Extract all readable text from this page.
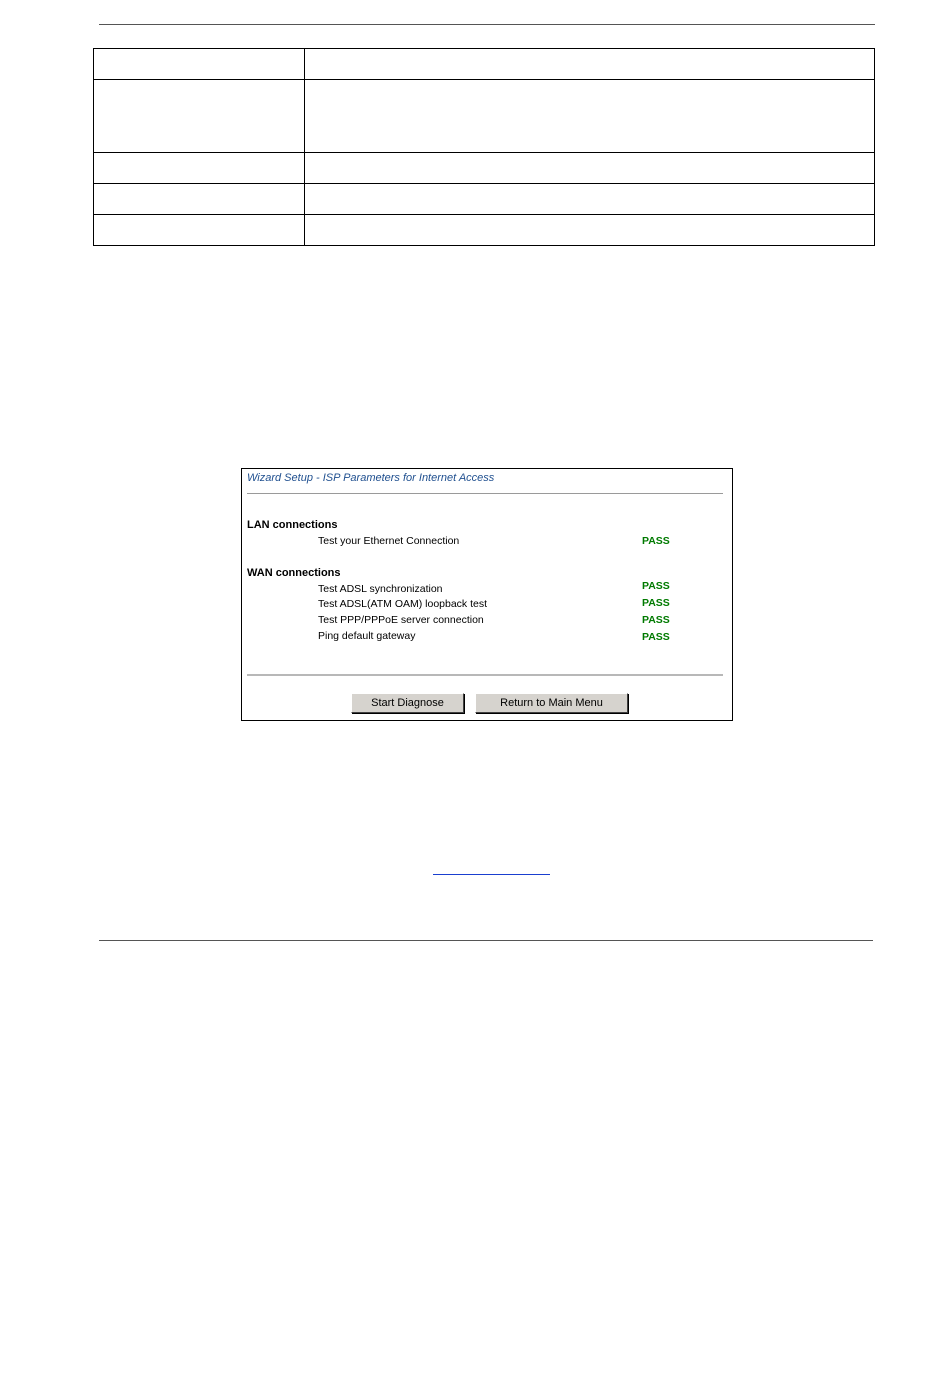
Wizard Setup - ISP Parameters for Internet Access
LAN connections
Test your Ethernet Connection	PASS
WAN connections
Test ADSL synchronization	PASS
Test ADSL(ATM OAM) loopback test	PASS
Test PPP/PPPoE server connection	PASS
Ping default gateway	PASS
Start Diagnose	Return to Main Menu
